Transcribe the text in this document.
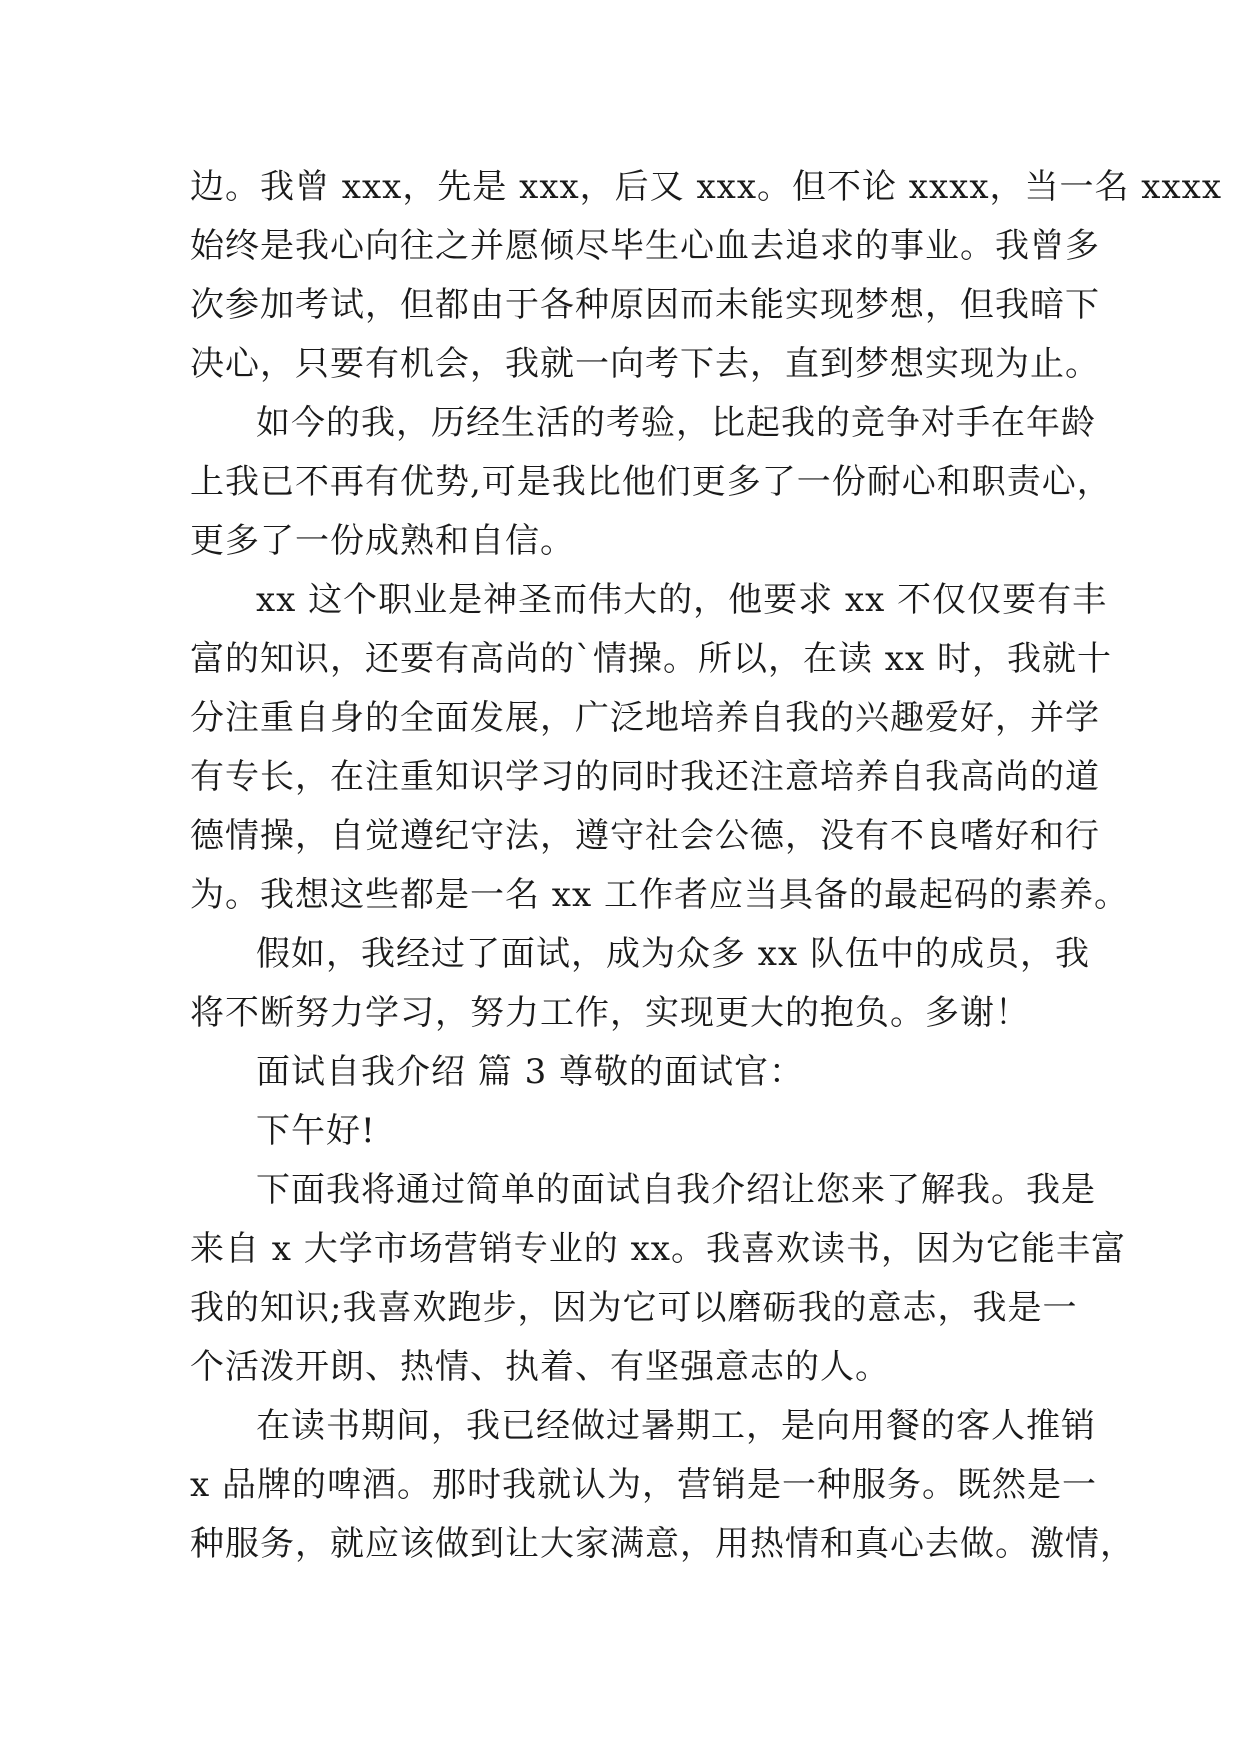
边。我曾 xxx，先是 xxx，后又 xxx。但不论 xxxx，当一名 xxxx
始终是我心向往之并愿倾尽毕生心血去追求的事业。我曾多
次参加考试，但都由于各种原因而未能实现梦想，但我暗下
决心，只要有机会，我就一向考下去，直到梦想实现为止。
如今的我，历经生活的考验，比起我的竞争对手在年龄
上我已不再有优势,可是我比他们更多了一份耐心和职责心，
更多了一份成熟和自信。
xx 这个职业是神圣而伟大的，他要求 xx 不仅仅要有丰
富的知识，还要有高尚的`情操。所以，在读 xx 时，我就十
分注重自身的全面发展，广泛地培养自我的兴趣爱好，并学
有专长，在注重知识学习的同时我还注意培养自我高尚的道
德情操，自觉遵纪守法，遵守社会公德，没有不良嗜好和行
为。我想这些都是一名 xx 工作者应当具备的最起码的素养。
假如，我经过了面试，成为众多 xx 队伍中的成员，我
将不断努力学习，努力工作，实现更大的抱负。多谢！
面试自我介绍 篇 3 尊敬的面试官：
下午好!
下面我将通过简单的面试自我介绍让您来了解我。我是
来自 x 大学市场营销专业的 xx。我喜欢读书，因为它能丰富
我的知识;我喜欢跑步，因为它可以磨砺我的意志，我是一
个活泼开朗、热情、执着、有坚强意志的人。
在读书期间，我已经做过暑期工，是向用餐的客人推销
x 品牌的啤酒。那时我就认为，营销是一种服务。既然是一
种服务，就应该做到让大家满意，用热情和真心去做。激情，
